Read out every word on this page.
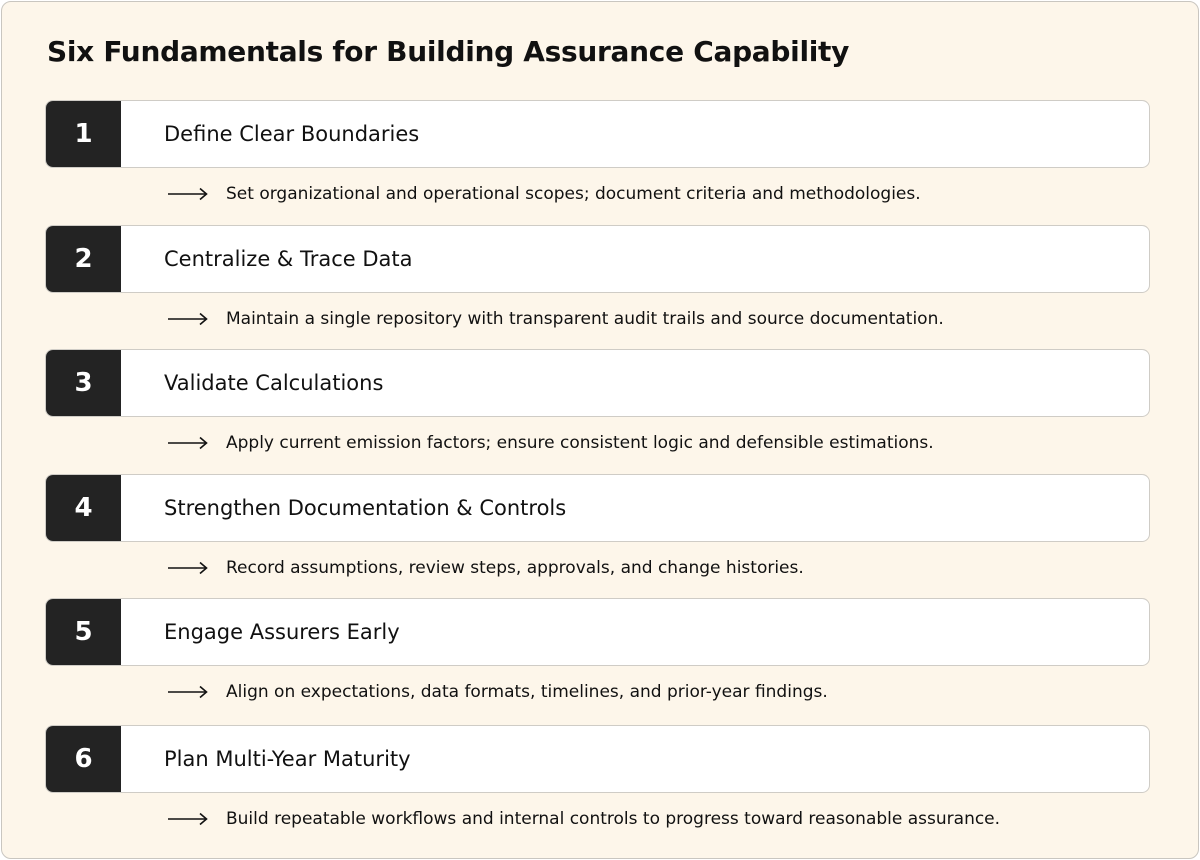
Six Fundamentals for Building Assurance Capability
1	Define Clear Boundaries
Set organizational and operational scopes; document criteria and methodologies.
2	Centralize & Trace Data
Maintain a single repository with transparent audit trails and source documentation.
3	Validate Calculations
Apply current emission factors; ensure consistent logic and defensible estimations.
4	Strengthen Documentation & Controls
Record assumptions, review steps, approvals, and change histories.
5	Engage Assurers Early
Align on expectations, data formats, timelines, and prior-year findings.
6	Plan Multi-Year Maturity
Build repeatable workflows and internal controls to progress toward reasonable assurance.
